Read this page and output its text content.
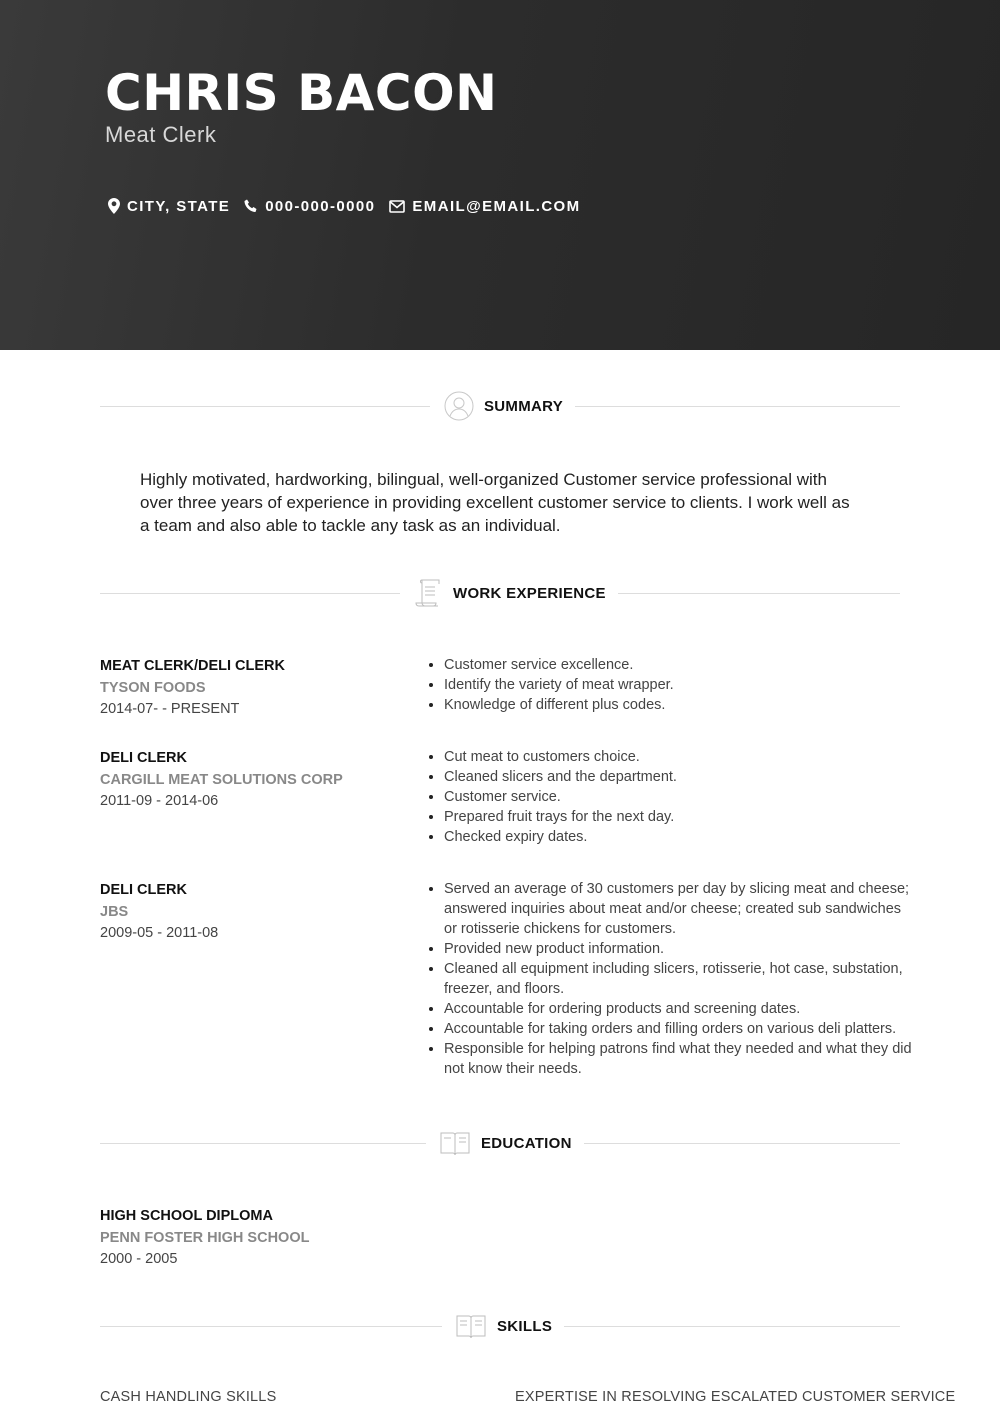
CHRIS BACON
Meat Clerk
CITY, STATE 000-000-0000 EMAIL@EMAIL.COM
SUMMARY
Highly motivated, hardworking, bilingual, well-organized Customer service professional with over three years of experience in providing excellent customer service to clients. I work well as a team and also able to tackle any task as an individual.
WORK EXPERIENCE
MEAT CLERK/DELI CLERK
TYSON FOODS
2014-07- - PRESENT
• Customer service excellence.
• Identify the variety of meat wrapper.
• Knowledge of different plus codes.
DELI CLERK
CARGILL MEAT SOLUTIONS CORP
2011-09 - 2014-06
• Cut meat to customers choice.
• Cleaned slicers and the department.
• Customer service.
• Prepared fruit trays for the next day.
• Checked expiry dates.
DELI CLERK
JBS
2009-05 - 2011-08
• Served an average of 30 customers per day by slicing meat and cheese; answered inquiries about meat and/or cheese; created sub sandwiches or rotisserie chickens for customers.
• Provided new product information.
• Cleaned all equipment including slicers, rotisserie, hot case, substation, freezer, and floors.
• Accountable for ordering products and screening dates.
• Accountable for taking orders and filling orders on various deli platters.
• Responsible for helping patrons find what they needed and what they did not know their needs.
EDUCATION
HIGH SCHOOL DIPLOMA
PENN FOSTER HIGH SCHOOL
2000 - 2005
SKILLS
CASH HANDLING SKILLS	EXPERTISE IN RESOLVING ESCALATED CUSTOMER SERVICE
